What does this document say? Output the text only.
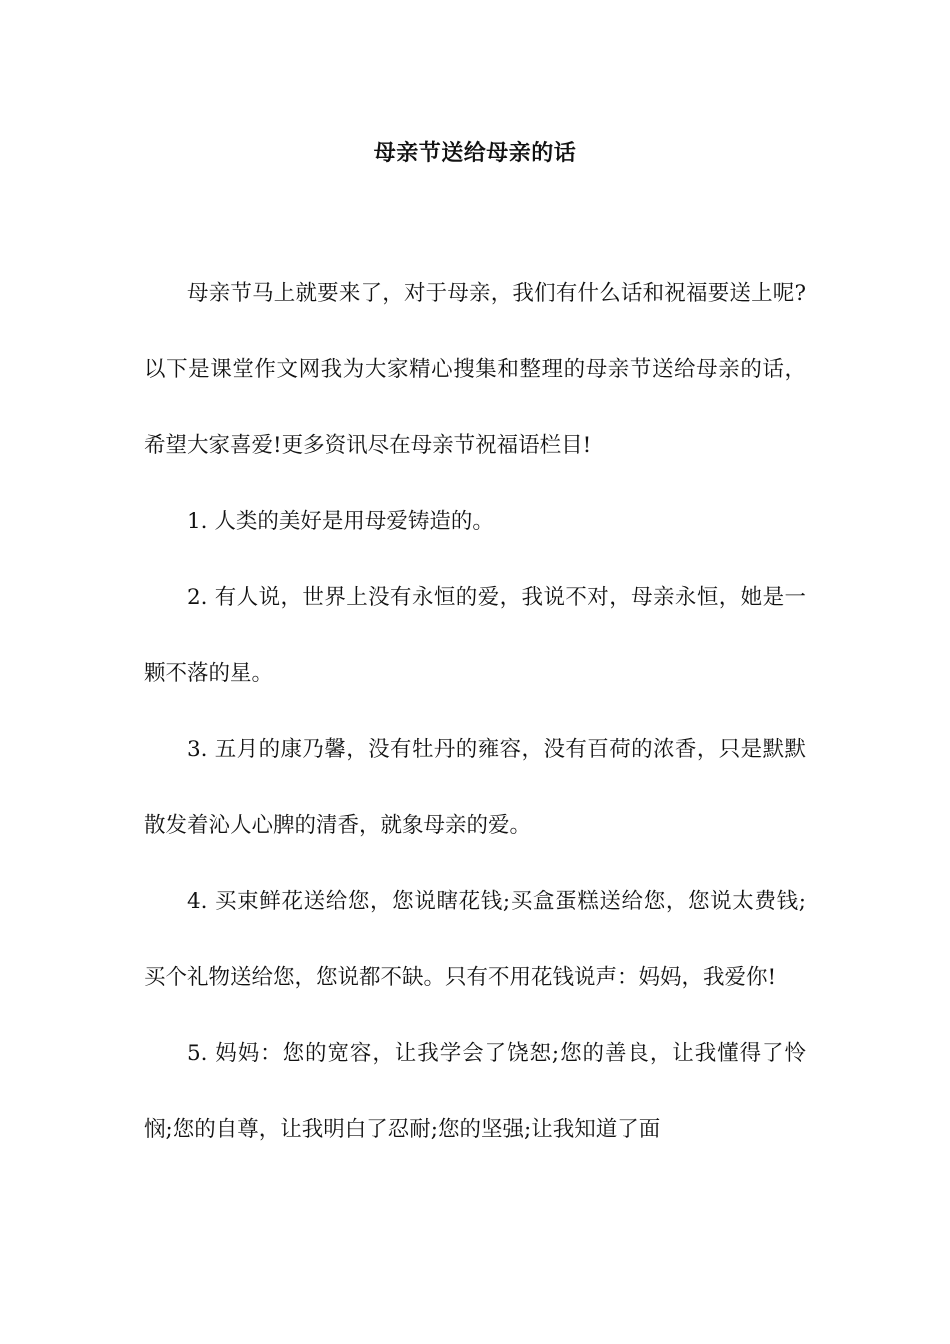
母亲节送给母亲的话

母亲节马上就要来了，对于母亲，我们有什么话和祝福要送上呢?以下是课堂作文网我为大家精心搜集和整理的母亲节送给母亲的话，希望大家喜爱!更多资讯尽在母亲节祝福语栏目!

1. 人类的美好是用母爱铸造的。

2. 有人说，世界上没有永恒的爱，我说不对，母亲永恒，她是一颗不落的星。

3. 五月的康乃馨，没有牡丹的雍容，没有百荷的浓香，只是默默散发着沁人心脾的清香，就象母亲的爱。

4. 买束鲜花送给您，您说瞎花钱;买盒蛋糕送给您，您说太费钱;买个礼物送给您，您说都不缺。只有不用花钱说声：妈妈，我爱你!

5. 妈妈：您的宽容，让我学会了饶恕;您的善良，让我懂得了怜悯;您的自尊，让我明白了忍耐;您的坚强;让我知道了面
